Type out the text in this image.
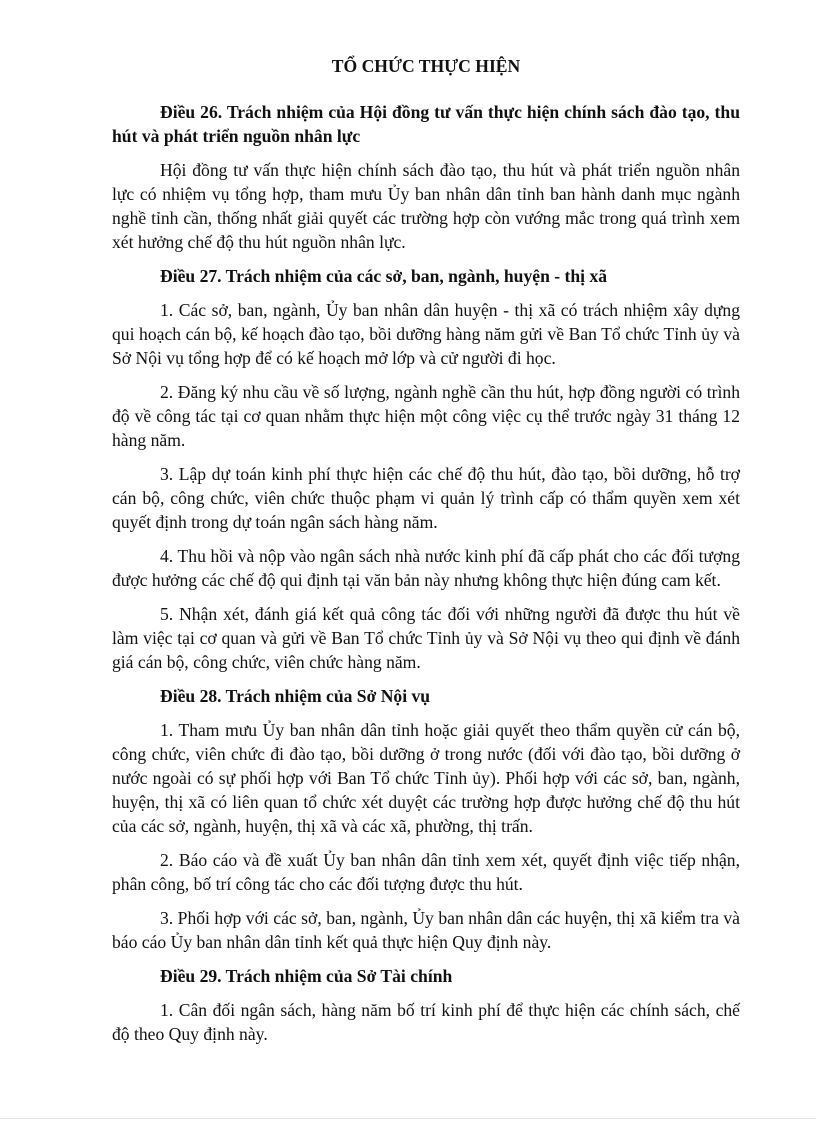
TỔ CHỨC THỰC HIỆN
Điều 26. Trách nhiệm của Hội đồng tư vấn thực hiện chính sách đào tạo, thu hút và phát triển nguồn nhân lực
Hội đồng tư vấn thực hiện chính sách đào tạo, thu hút và phát triển nguồn nhân lực có nhiệm vụ tổng hợp, tham mưu Ủy ban nhân dân tỉnh ban hành danh mục ngành nghề tỉnh cần, thống nhất giải quyết các trường hợp còn vướng mắc trong quá trình xem xét hưởng chế độ thu hút nguồn nhân lực.
Điều 27. Trách nhiệm của các sở, ban, ngành, huyện - thị xã
1. Các sở, ban, ngành, Ủy ban nhân dân huyện - thị xã có trách nhiệm xây dựng qui hoạch cán bộ, kế hoạch đào tạo, bồi dưỡng hàng năm gửi về Ban Tổ chức Tỉnh ủy và Sở Nội vụ tổng hợp để có kế hoạch mở lớp và cử người đi học.
2. Đăng ký nhu cầu về số lượng, ngành nghề cần thu hút, hợp đồng người có trình độ về công tác tại cơ quan nhằm thực hiện một công việc cụ thể trước ngày 31 tháng 12 hàng năm.
3. Lập dự toán kinh phí thực hiện các chế độ thu hút, đào tạo, bồi dưỡng, hỗ trợ cán bộ, công chức, viên chức thuộc phạm vi quản lý trình cấp có thẩm quyền xem xét quyết định trong dự toán ngân sách hàng năm.
4. Thu hồi và nộp vào ngân sách nhà nước kinh phí đã cấp phát cho các đối tượng được hưởng các chế độ qui định tại văn bản này nhưng không thực hiện đúng cam kết.
5. Nhận xét, đánh giá kết quả công tác đối với những người đã được thu hút về làm việc tại cơ quan và gửi về Ban Tổ chức Tỉnh ủy và Sở Nội vụ theo qui định về đánh giá cán bộ, công chức, viên chức hàng năm.
Điều 28. Trách nhiệm của Sở Nội vụ
1. Tham mưu Ủy ban nhân dân tỉnh hoặc giải quyết theo thẩm quyền cử cán bộ, công chức, viên chức đi đào tạo, bồi dưỡng ở trong nước (đối với đào tạo, bồi dưỡng ở nước ngoài có sự phối hợp với Ban Tổ chức Tỉnh ủy). Phối hợp với các sở, ban, ngành, huyện, thị xã có liên quan tổ chức xét duyệt các trường hợp được hưởng chế độ thu hút của các sở, ngành, huyện, thị xã và các xã, phường, thị trấn.
2. Báo cáo và đề xuất Ủy ban nhân dân tỉnh xem xét, quyết định việc tiếp nhận, phân công, bố trí công tác cho các đối tượng được thu hút.
3. Phối hợp với các sở, ban, ngành, Ủy ban nhân dân các huyện, thị xã kiểm tra và báo cáo Ủy ban nhân dân tỉnh kết quả thực hiện Quy định này.
Điều 29. Trách nhiệm của Sở Tài chính
1. Cân đối ngân sách, hàng năm bố trí kinh phí để thực hiện các chính sách, chế độ theo Quy định này.
